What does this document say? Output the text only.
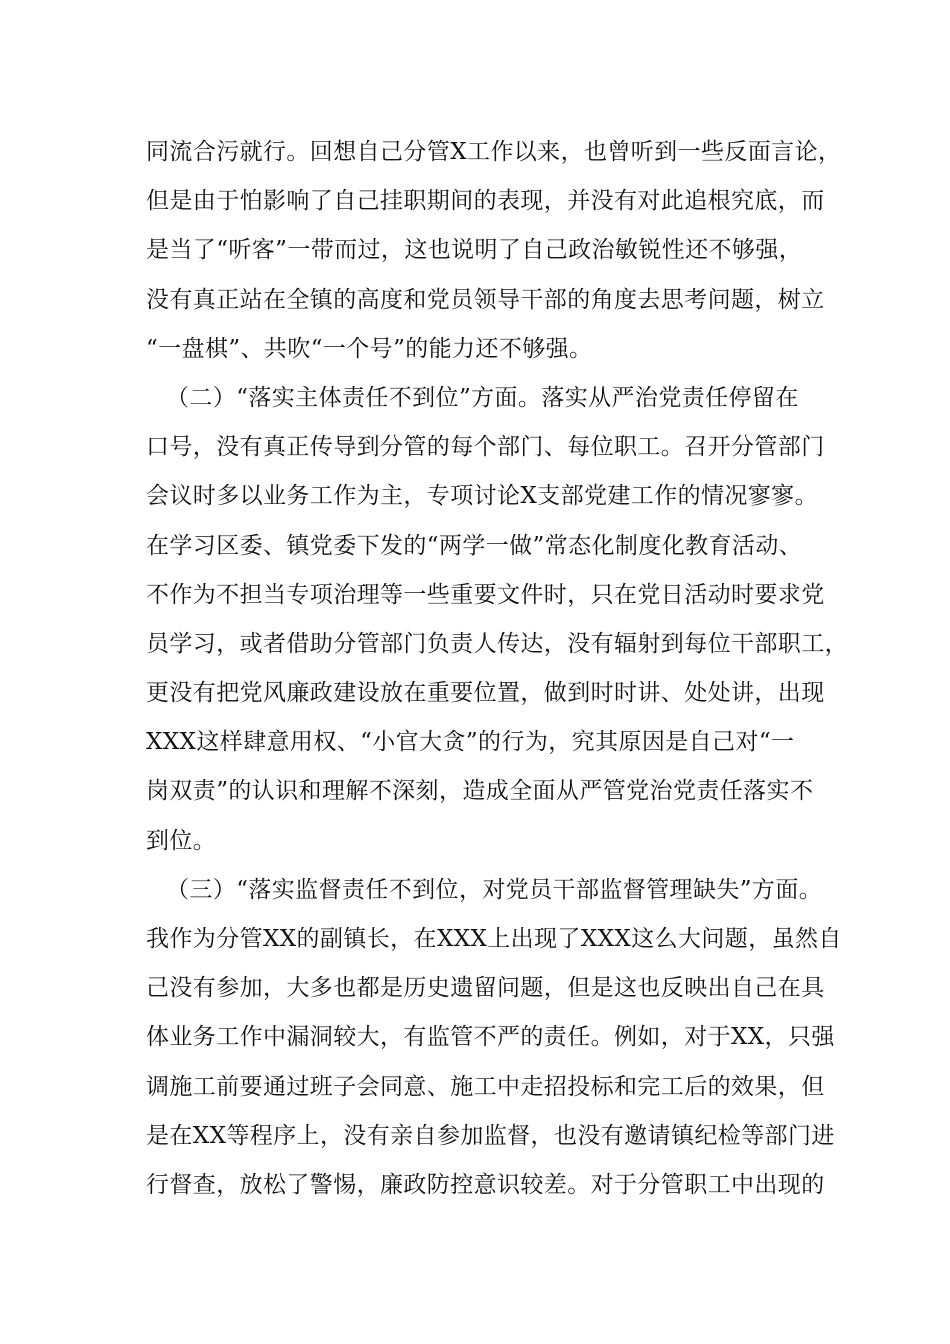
同流合污就行。回想自己分管X工作以来，也曾听到一些反面言论，
但是由于怕影响了自己挂职期间的表现，并没有对此追根究底，而
是当了“听客”一带而过，这也说明了自己政治敏锐性还不够强，
没有真正站在全镇的高度和党员领导干部的角度去思考问题，树立
“一盘棋”、共吹“一个号”的能力还不够强。
（二）“落实主体责任不到位”方面。落实从严治党责任停留在
口号，没有真正传导到分管的每个部门、每位职工。召开分管部门
会议时多以业务工作为主，专项讨论X支部党建工作的情况寥寥。
在学习区委、镇党委下发的“两学一做”常态化制度化教育活动、
不作为不担当专项治理等一些重要文件时，只在党日活动时要求党
员学习，或者借助分管部门负责人传达，没有辐射到每位干部职工，
更没有把党风廉政建设放在重要位置，做到时时讲、处处讲，出现
XXX这样肆意用权、“小官大贪”的行为，究其原因是自己对“一
岗双责”的认识和理解不深刻，造成全面从严管党治党责任落实不
到位。
（三）“落实监督责任不到位，对党员干部监督管理缺失”方面。
我作为分管XX的副镇长，在XXX上出现了XXX这么大问题，虽然自
己没有参加，大多也都是历史遗留问题，但是这也反映出自己在具
体业务工作中漏洞较大，有监管不严的责任。例如，对于XX，只强
调施工前要通过班子会同意、施工中走招投标和完工后的效果，但
是在XX等程序上，没有亲自参加监督，也没有邀请镇纪检等部门进
行督查，放松了警惕，廉政防控意识较差。对于分管职工中出现的
